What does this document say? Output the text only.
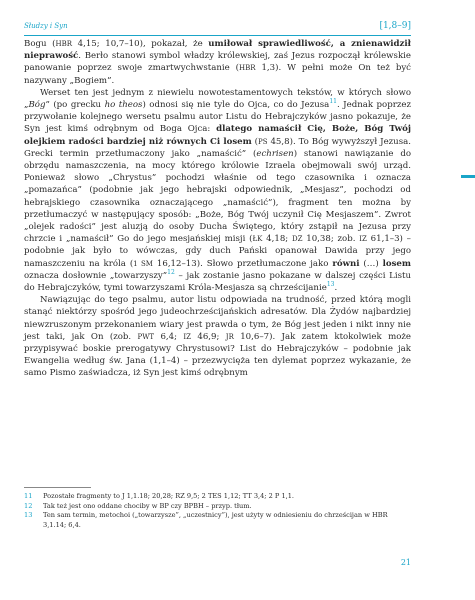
Słudzy i Syn	[1,8–9]

Bogu (HBR 4,15; 10,7–10), pokazał, że umiłował sprawiedliwość, a znienawidził nieprawość. Berło stanowi symbol władzy królewskiej, zaś Jezus rozpoczął królewskie panowanie poprzez swoje zmartwychwstanie (HBR 1,3). W pełni może On też być nazywany „Bogiem”.

Werset ten jest jednym z niewielu nowotestamentowych tekstów, w których słowo „Bóg” (po grecku ho theos) odnosi się nie tyle do Ojca, co do Jezusa$^{11}$. Jednak poprzez przywołanie kolejnego wersetu psalmu autor Listu do Hebrajczyków jasno pokazuje, że Syn jest kimś odrębnym od Boga Ojca: dlatego namaścił Cię, Boże, Bóg Twój olejkiem radości bardziej niż równych Ci losem (PS 45,8). To Bóg wywyższył Jezusa. Grecki termin przetłumaczony jako „namaścić” (echrisen) stanowi nawiązanie do obrzędu namaszczenia, na mocy którego królowie Izraela obejmowali swój urząd. Ponieważ słowo „Chrystus” pochodzi właśnie od tego czasownika i oznacza „pomazańca” (podobnie jak jego hebrajski odpowiednik, „Mesjasz”, pochodzi od hebrajskiego czasownika oznaczającego „namaścić”), fragment ten można by przetłumaczyć w następujący sposób: „Boże, Bóg Twój uczynił Cię Mesjaszem”. Zwrot „olejek radości” jest aluzją do osoby Ducha Świętego, który zstąpił na Jezusa przy chrzcie i „namaścił” Go do jego mesjańskiej misji (ŁK 4,18; DZ 10,38; zob. IZ 61,1–3) – podobnie jak było to wówczas, gdy duch Pański opanował Dawida przy jego namaszczeniu na króla (1 SM 16,12–13). Słowo przetłumaczone jako równi (…) losem oznacza dosłownie „towarzyszy”$^{12}$ – jak zostanie jasno pokazane w dalszej części Listu do Hebrajczyków, tymi towarzyszami Króla-Mesjasza są chrześcijanie$^{13}$.

Nawiązując do tego psalmu, autor listu odpowiada na trudność, przed którą mogli stanąć niektórzy spośród jego judeochrześcijańskich adresatów. Dla Żydów najbardziej niewzruszonym przekonaniem wiary jest prawda o tym, że Bóg jest jeden i nikt inny nie jest taki, jak On (zob. PWT 6,4; IZ 46,9; JR 10,6–7). Jak zatem ktokolwiek może przypisywać boskie prerogatywy Chrystusowi? List do Hebrajczyków – podobnie jak Ewangelia według św. Jana (1,1–4) – przezwycięża ten dylemat poprzez wykazanie, że samo Pismo zaświadcza, iż Syn jest kimś odrębnym

11 Pozostałe fragmenty to J 1,1.18; 20,28; RZ 9,5; 2 TES 1,12; TT 3,4; 2 P 1,1.
12 Tak też jest ono oddane chociby w BP czy BPBH – przyp. tłum.
13 Ten sam termin, metochoi („towarzysze”, „uczestnicy”), jest użyty w odniesieniu do chrześcijan w HBR 3,1.14; 6,4.
21
